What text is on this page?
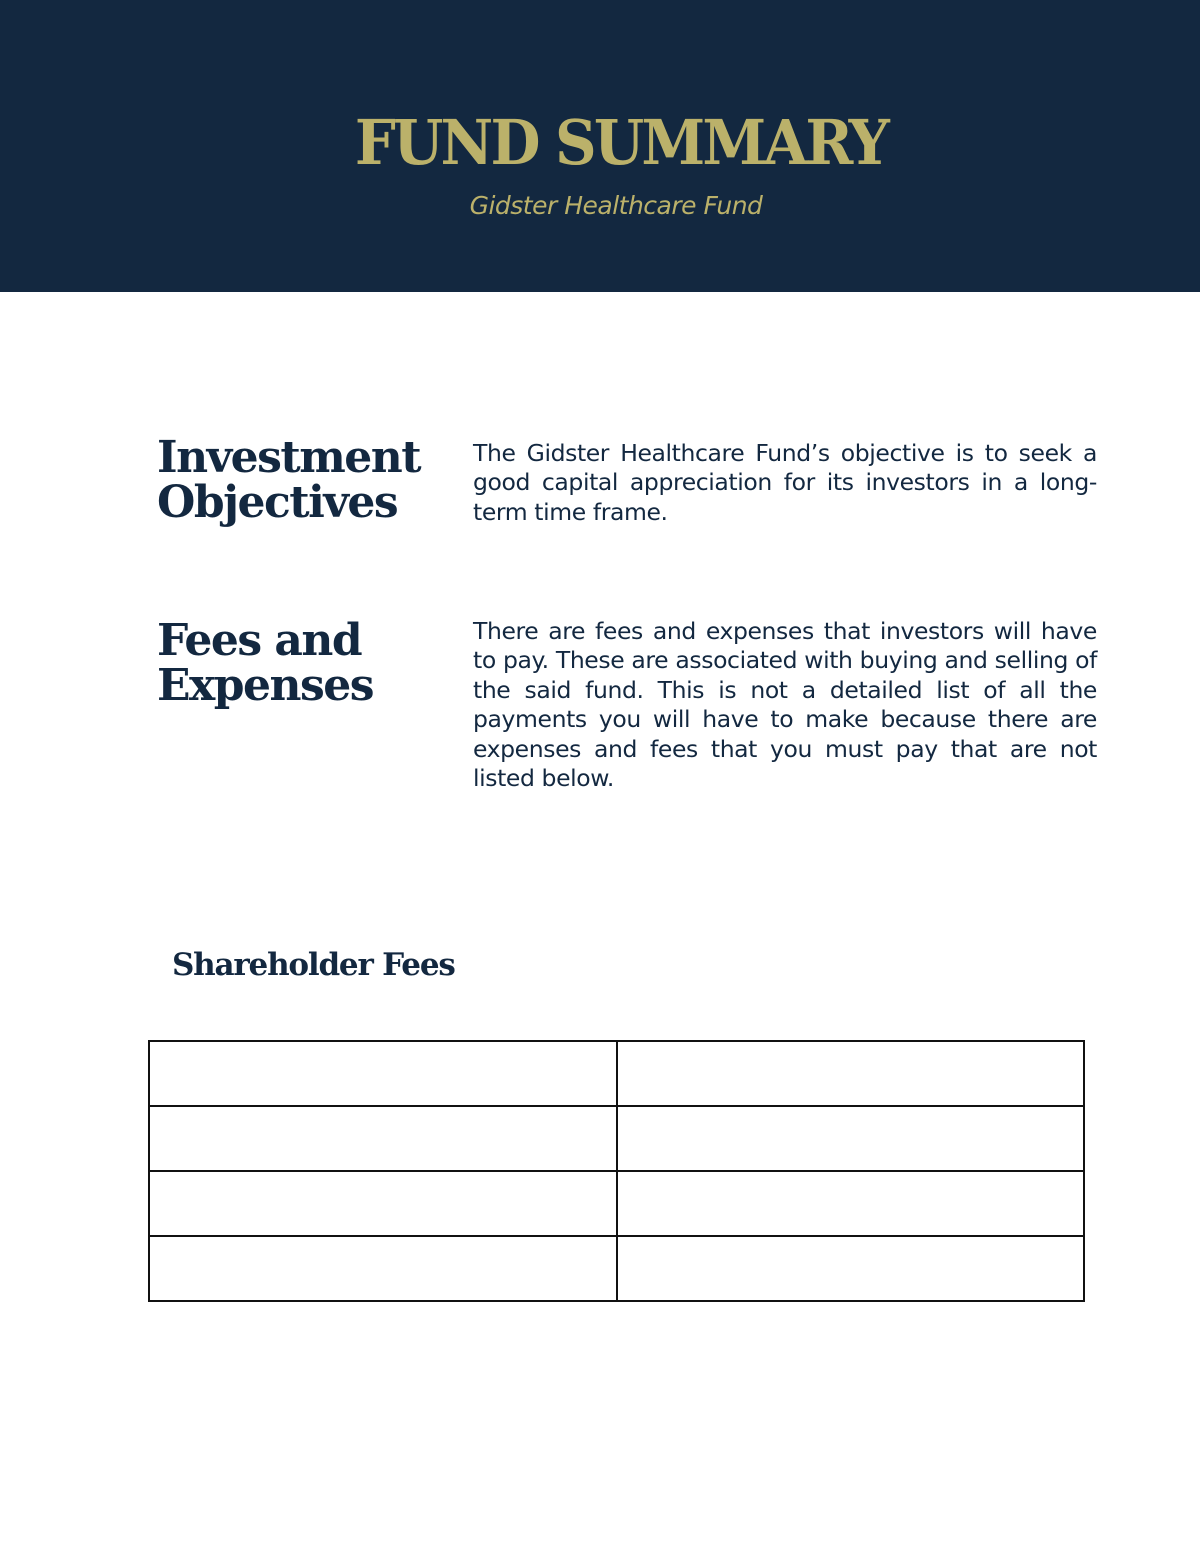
FUND SUMMARY
Gidster Healthcare Fund
Investment Objectives
The Gidster Healthcare Fund’s objective is to seek a good capital appreciation for its investors in a long-term time frame.
Fees and Expenses
There are fees and expenses that investors will have to pay. These are associated with buying and selling of the said fund. This is not a detailed list of all the payments you will have to make because there are expenses and fees that you must pay that are not listed below.
Shareholder Fees
